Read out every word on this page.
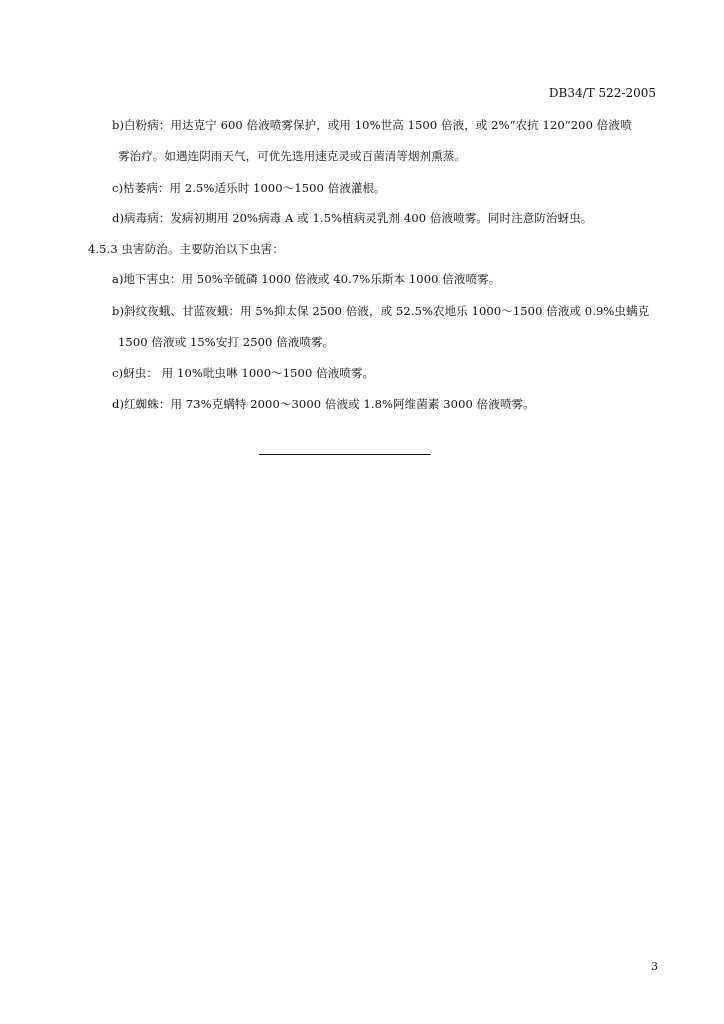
DB34/T 522-2005
b)白粉病：用达克宁 600 倍液喷雾保护，或用 10%世高 1500 倍液，或 2%“农抗 120”200 倍液喷
雾治疗。如遇连阴雨天气，可优先选用速克灵或百菌清等烟剂熏蒸。
c)枯萎病：用 2.5%适乐时 1000～1500 倍液灌根。
d)病毒病：发病初期用 20%病毒 A 或 1.5%植病灵乳剂 400 倍液喷雾。同时注意防治蚜虫。
4.5.3 虫害防治。主要防治以下虫害：
a)地下害虫：用 50%辛硫磷 1000 倍液或 40.7%乐斯本 1000 倍液喷雾。
b)斜纹夜蛾、甘蓝夜蛾：用 5%抑太保 2500 倍液，或 52.5%农地乐 1000～1500 倍液或 0.9%虫螨克
1500 倍液或 15%安打 2500 倍液喷雾。
c)蚜虫： 用 10%吡虫啉 1000～1500 倍液喷雾。
d)红蜘蛛：用 73%克螨特 2000～3000 倍液或 1.8%阿维菌素 3000 倍液喷雾。
3
